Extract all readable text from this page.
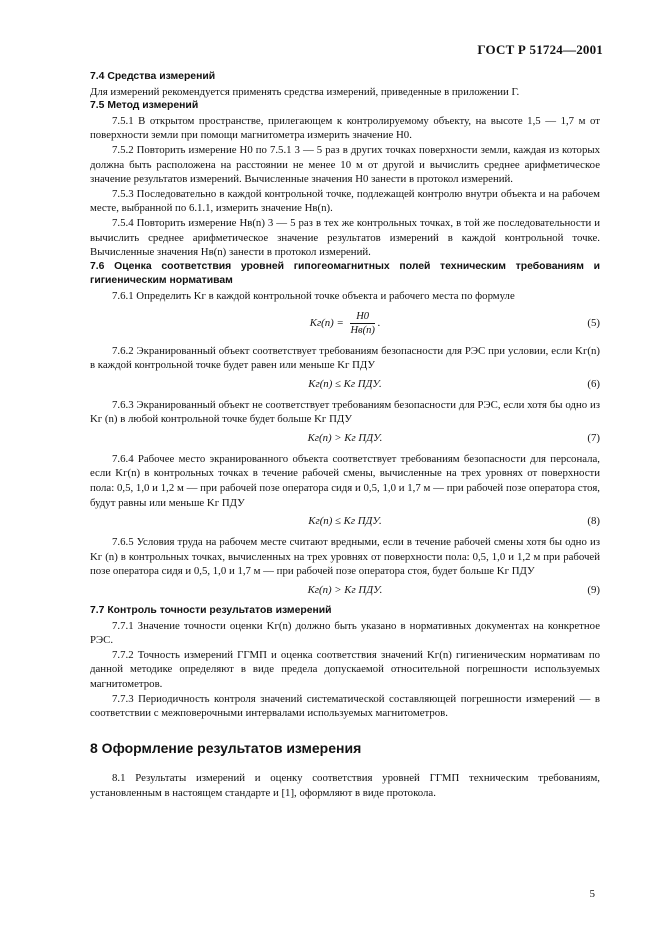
ГОСТ Р 51724—2001

7.4 Средства измерений

Для измерений рекомендуется применять средства измерений, приведенные в приложении Г.

7.5 Метод измерений

7.5.1 В открытом пространстве, прилегающем к контролируемому объекту, на высоте 1,5 — 1,7 м от поверхности земли при помощи магнитометра измерить значение H0.

7.5.2 Повторить измерение H0 по 7.5.1 3 — 5 раз в других точках поверхности земли, каждая из которых должна быть расположена на расстоянии не менее 10 м от другой и вычислить среднее арифметическое значение результатов измерений. Вычисленные значения H0 занести в протокол измерений.

7.5.3 Последовательно в каждой контрольной точке, подлежащей контролю внутри объекта и на рабочем месте, выбранной по 6.1.1, измерить значение Hв(n).

7.5.4 Повторить измерение Hв(n) 3 — 5 раз в тех же контрольных точках, в той же последовательности и вычислить среднее арифметическое значение результатов измерений в каждой контрольной точке. Вычисленные значения Hв(n) занести в протокол измерений.

7.6 Оценка соответствия уровней гипогеомагнитных полей техническим требованиям и гигиеническим нормативам

7.6.1 Определить Kг в каждой контрольной точке объекта и рабочего места по формуле

$Kг(n) = \frac{H0}{Hв(n)}$ .	(5)

7.6.2 Экранированный объект соответствует требованиям безопасности для РЭС при условии, если Kг(n) в каждой контрольной точке будет равен или меньше Kг ПДУ

Kг(n) ≤ Kг ПДУ.	(6)

7.6.3 Экранированный объект не соответствует требованиям безопасности для РЭС, если хотя бы одно из Kг (n) в любой контрольной точке будет больше Kг ПДУ

Kг(n) > Kг ПДУ.	(7)

7.6.4 Рабочее место экранированного объекта соответствует требованиям безопасности для персонала, если Kг(n) в контрольных точках в течение рабочей смены, вычисленные на трех уровнях от поверхности пола: 0,5, 1,0 и 1,2 м — при рабочей позе оператора сидя и 0,5, 1,0 и 1,7 м — при рабочей позе оператора стоя, будут равны или меньше Kг ПДУ

Kг(n) ≤ Kг ПДУ.	(8)

7.6.5 Условия труда на рабочем месте считают вредными, если в течение рабочей смены хотя бы одно из Kг (n) в контрольных точках, вычисленных на трех уровнях от поверхности пола: 0,5, 1,0 и 1,2 м при рабочей позе оператора сидя и 0,5, 1,0 и 1,7 м — при рабочей позе оператора стоя, будет больше Kг ПДУ

Kг(n) > Kг ПДУ.	(9)

7.7 Контроль точности результатов измерений

7.7.1 Значение точности оценки Kг(n) должно быть указано в нормативных документах на конкретное РЭС.

7.7.2 Точность измерений ГГМП и оценка соответствия значений Kг(n) гигиеническим нормативам по данной методике определяют в виде предела допускаемой относительной погрешности используемых магнитометров.

7.7.3 Периодичность контроля значений систематической составляющей погрешности измерений — в соответствии с межповерочными интервалами используемых магнитометров.

8 Оформление результатов измерения

8.1 Результаты измерений и оценку соответствия уровней ГГМП техническим требованиям, установленным в настоящем стандарте и [1], оформляют в виде протокола.

5
